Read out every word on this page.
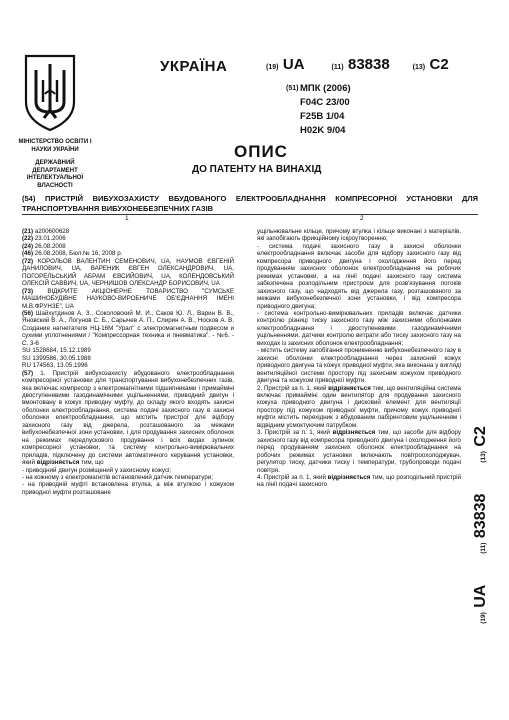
УКРАЇНА	(19) UA	(11) 83838	(13) C2
(51) МПК (2006)
F04C 23/00
F25B 1/04
H02K 9/04
МІНІСТЕРСТВО ОСВІТИ І НАУКИ УКРАЇНИ
ДЕРЖАВНИЙ ДЕПАРТАМЕНТ ІНТЕЛЕКТУАЛЬНОЇ ВЛАСНОСТІ
ОПИС
ДО ПАТЕНТУ НА ВИНАХІД
(54) ПРИСТРІЙ ВИБУХОЗАХИСТУ ВБУДОВАНОГО ЕЛЕКТРООБЛАДНАННЯ КОМПРЕСОРНОЇ УСТАНОВКИ ДЛЯ ТРАНСПОРТУВАННЯ ВИБУХОНЕБЕЗПЕЧНИХ ГАЗІВ
1	2

(21) a200600628

(22) 23.01.2006

(24) 26.08.2008

(46) 26.08.2008, Бюл.№ 16, 2008 р.

(72) КОРОЛЬОВ ВАЛЕНТИН СЕМЕНОВИЧ, UA, НАУМОВ ЄВГЕНІЙ ДАНИЛОВИЧ, UA, ВАРЕНИК ЄВГЕН ОЛЕКСАНДРОВИЧ, UA, ПОГОРЕЛЬСЬКИЙ АБРАМ ЄВСИЙОВИЧ, UA, КОЛЕНДОВСЬКИЙ ОЛЕКСІЙ САВВИЧ, UA, ЧЕРНИШОВ ОЛЕКСАНДР БОРИСОВИЧ, UA

(73) ВІДКРИТЕ АКЦІОНЕРНЕ ТОВАРИСТВО "СУМСЬКЕ МАШИНОБУДІВНЕ НАУКОВО-ВИРОБНИЧЕ ОБ'ЄДНАННЯ ІМЕНІ М.В.ФРУНЗЕ", UA

(56) Шайхутдинов А. З., Соколовский М. И., Саков Ю. Л., Варин В. В., Яновский В. А., Логунов С. Б., Сарычев А. П., Слирин А. В., Носков А. В. Создание нагнетателя НЦ-16М "Урал" с электромагнитным подвесом и сухими уплотнениями / "Компрессорная техника и пневматика". - №6. - С. 3-6

SU 1528684, 15.12.1989

SU 1399586, 30.05.1988

RU 174563, 13.05.1996

(57) 1. Пристрій вибухозахисту вбудованого електрообладнання компресорної установки для транспортування вибухонебезпечних газів, яка включає компресор з електромагнітними підшипниками і примайміні двоступеневими газодинамічними ущільненнями, приводний двигун і вмонтовану в кожух приводну муфту, до складу якого входять захисні оболонки електрообладнання, система подачі захисного газу в захисні оболонки електрообладнання, що містить пристрої для відбору захисного газу від джерела, розташованого за межами вибухонебезпечної зони установки, і для продування захисних оболонок на режимах передпускового продування і всіх видах зупинок компресорної установки, та систему контрольно-вимірювальних приладів, підключену до системи автоматичного керування установки, який відрізняється тим, що

- приводний двигун розміщений у захисному кожусі;

- на кожному з електромагнітів встановлений датчик температури;

- на приводній муфті встановлена втулка, а між втулкою і кожухом приводної муфти розташоване

ущільнювальне кільце, причому втулка і кільце виконані з матеріалів, які запобігають фрикційному іскроутворенню;

- система подачі захисного газу в захисні оболонки електрообладнання включає засоби для відбору захисного газу від компресора приводного двигуна і охолодження його перед продуванням захисних оболонок електрообладнання на робочих режимах установки, а на лінії подачі захисного газу система забезпечена розподільним пристроєм для розв'язування потоків захисного газу, що надходять від джерела газу, розташованого за межами вибухонебезпечної зони установки, і від компресора приводного двигуна;

- система контрольно-вимірювальних приладів включає датчики контролю різниці тиску захисного газу між захисними оболонками електрообладнання і двоступеневими газодинамічними ущільненнями, датчики контролю витрати або тиску захисного газу на виходах із захисних оболонок електрообладнання;

- містить систему запобігання проникненню вибухонебезпечного газу в захисні оболонки електрообладнання через захисний кожух приводного двигуна та кожух приводної муфти, яка виконана у вигляді вентиляційної системи простору під захисним кожухом приводного двигуна та кожухом приводної муфти.

2. Пристрій за п. 1, який відрізняється тим, що вентиляційна система включає примайміні один вентилятор для продування захисного кожуха приводного двигуна і дисковий елемент для вентиляції простору під кожухом приводної муфти, причому кожух приводної муфти містить перехідник з вбудованим лабіринтовим ущільненням і відвідним усмоктуючим патрубком.

3. Пристрій за п. 1, який відрізняється тим, що засоби для відбору захисного газу від компресора приводного двигуна і охолодження його перед продуванням захисних оболонок електрообладнання на робочих режимах установки включають повітроохолоджувач, регулятор тиску, датчики тиску і температури, трубопроводи подачі повітря.

4. Пристрій за п. 1, який відрізняється тим, що розподільний пристрій на лінії подачі захисного

(19) UA  (11) 83838  (13) C2
